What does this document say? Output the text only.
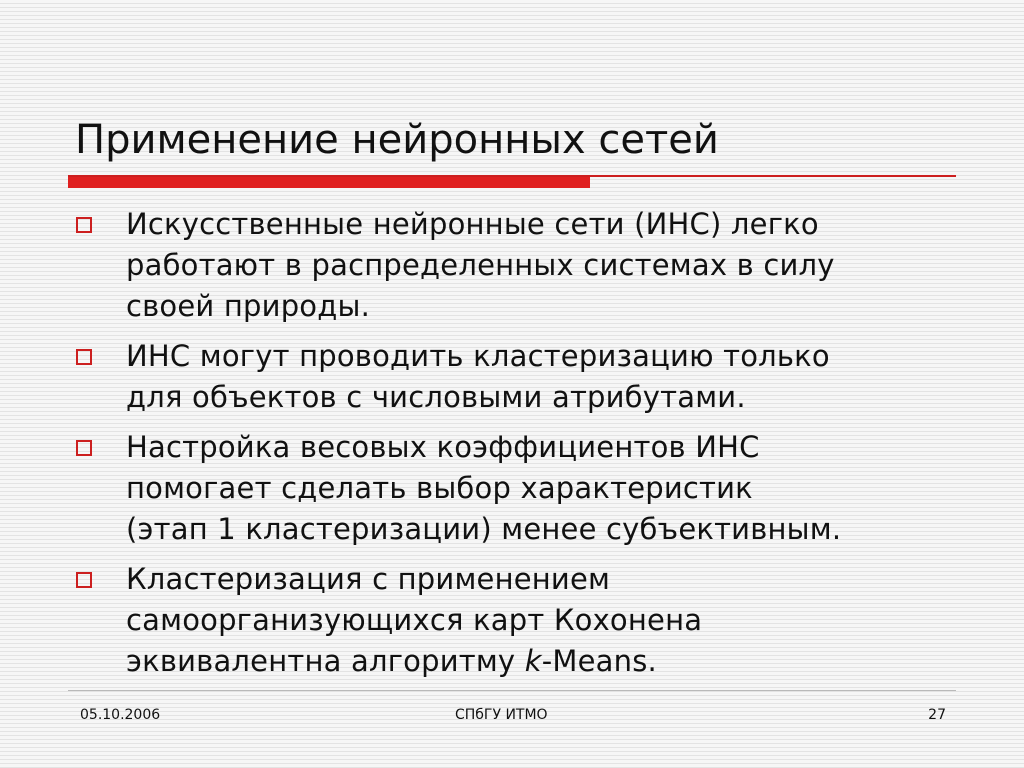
Применение нейронных сетей
Искусственные нейронные сети (ИНС) легко
работают в распределенных системах в силу
своей природы.
ИНС могут проводить кластеризацию только
для объектов с числовыми атрибутами.
Настройка весовых коэффициентов ИНС
помогает сделать выбор характеристик
(этап 1 кластеризации) менее субъективным.
Кластеризация с применением
самоорганизующихся карт Кохонена
эквивалентна алгоритму k-Means.
05.10.2006	СПбГУ ИТМО	27
